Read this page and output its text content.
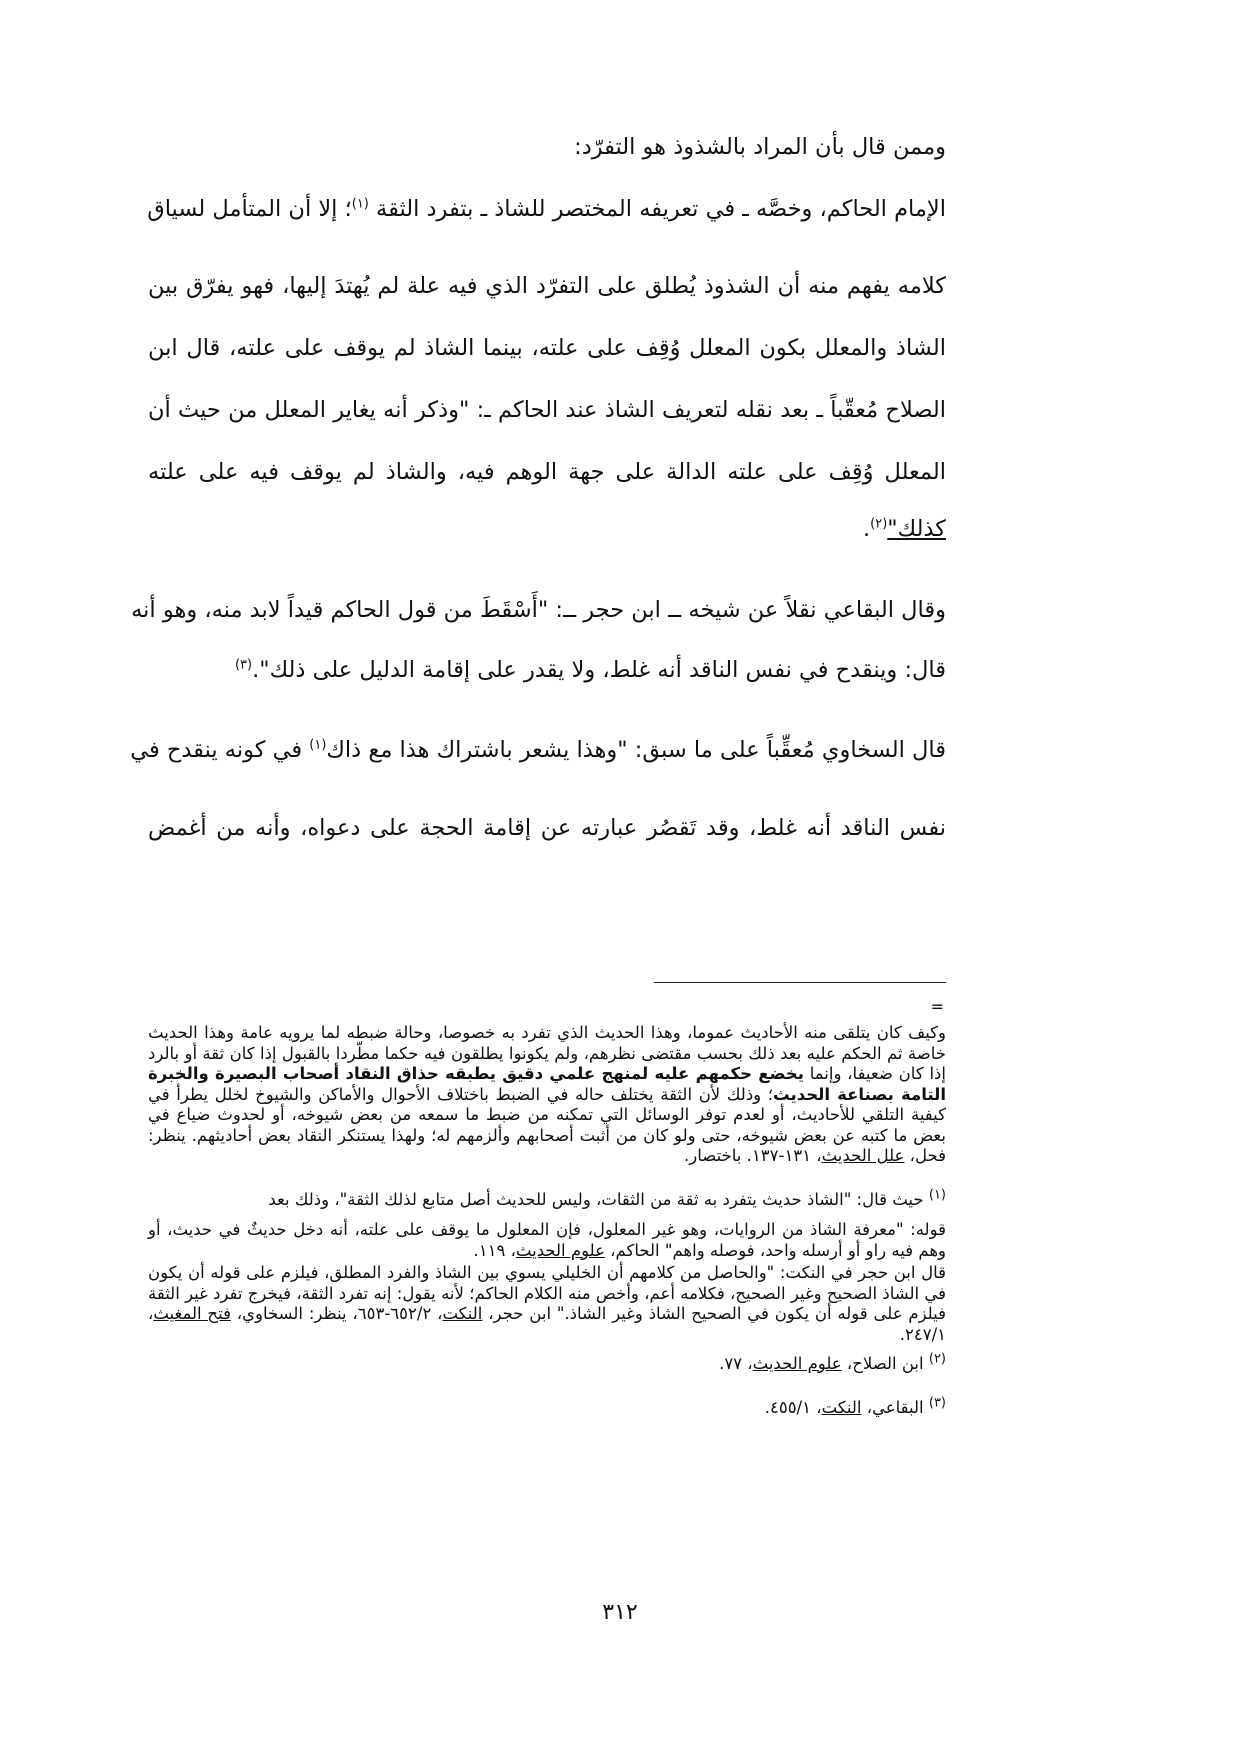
وممن قال بأن المراد بالشذوذ هو التفرّد:
الإمام الحاكم، وخصَّه ـ في تعريفه المختصر للشاذ ـ بتفرد الثقة $^{(١)}$؛ إلا أن المتأمل لسياق
كلامه يفهم منه أن الشذوذ يُطلق على التفرّد الذي فيه علة لم يُهتدَ إليها، فهو يفرّق بين
الشاذ والمعلل بكون المعلل وُقِف على علته، بينما الشاذ لم يوقف على علته، قال ابن
الصلاح مُعقّباً ـ بعد نقله لتعريف الشاذ عند الحاكم ـ: "وذكر أنه يغاير المعلل من حيث أن
المعلل وُقِف على علته الدالة على جهة الوهم فيه، والشاذ لم يوقف فيه على علته
كذلك"$^{(٢)}$.
وقال البقاعي نقلاً عن شيخه ــ ابن حجر ــ: "أَسْقَطَ من قول الحاكم قيداً لابد منه، وهو أنه
قال: وينقدح في نفس الناقد أنه غلط، ولا يقدر على إقامة الدليل على ذلك".$^{(٣)}$
قال السخاوي مُعقِّباً على ما سبق: "وهذا يشعر باشتراك هذا مع ذاك$^{(١)}$ في كونه ينقدح في
نفس الناقد أنه غلط، وقد تَقصُر عبارته عن إقامة الحجة على دعواه، وأنه من أغمض
=
وكيف كان يتلقى منه الأحاديث عموما، وهذا الحديث الذي تفرد به خصوصا، وحالة ضبطه لما يرويه عامة وهذا الحديث خاصة ثم الحكم عليه بعد ذلك بحسب مقتضى نظرهم، ولم يكونوا يطلقون فيه حكما مطّردا بالقبول إذا كان ثقة أو بالرد إذا كان ضعيفا، وإنما يخضع حكمهم عليه لمنهج علمي دقيق يطبقه حذاق النقاد أصحاب البصيرة والخبرة التامة بصناعة الحديث؛ وذلك لأن الثقة يختلف حاله في الضبط باختلاف الأحوال والأماكن والشيوخ لخلل يطرأ في كيفية التلقي للأحاديث، أو لعدم توفر الوسائل التي تمكنه من ضبط ما سمعه من بعض شيوخه، أو لحدوث ضياع في بعض ما كتبه عن بعض شيوخه، حتى ولو كان من أثبت أصحابهم وألزمهم له؛ ولهذا يستنكر النقاد بعض أحاديثهم. ينظر: فحل، علل الحديث، ١٣١-١٣٧. باختصار.
$^{(١)}$ حيث قال: "الشاذ حديث يتفرد به ثقة من الثقات، وليس للحديث أصل متابع لذلك الثقة"، وذلك بعد
قوله: "معرفة الشاذ من الروايات، وهو غير المعلول، فإن المعلول ما يوقف على علته، أنه دخل حديثٌ في حديث، أو وهم فيه راو أو أرسله واحد، فوصله واهم" الحاكم، علوم الحديث، ١١٩.
قال ابن حجر في النكت: "والحاصل من كلامهم أن الخليلي يسوي بين الشاذ والفرد المطلق، فيلزم على قوله أن يكون في الشاذ الصحيح وغير الصحيح، فكلامه أعم، وأخص منه الكلام الحاكم؛ لأنه يقول: إنه تفرد الثقة، فيخرج تفرد غير الثقة فيلزم على قوله أن يكون في الصحيح الشاذ وغير الشاذ." ابن حجر، النكت، ٦٥٢/٢-٦٥٣، ينظر: السخاوي، فتح المغيث، ٢٤٧/١.
$^{(٢)}$ ابن الصلاح، علوم الحديث، ٧٧.
$^{(٣)}$ البقاعي، النكت، ٤٥٥/١.
٣١٢
